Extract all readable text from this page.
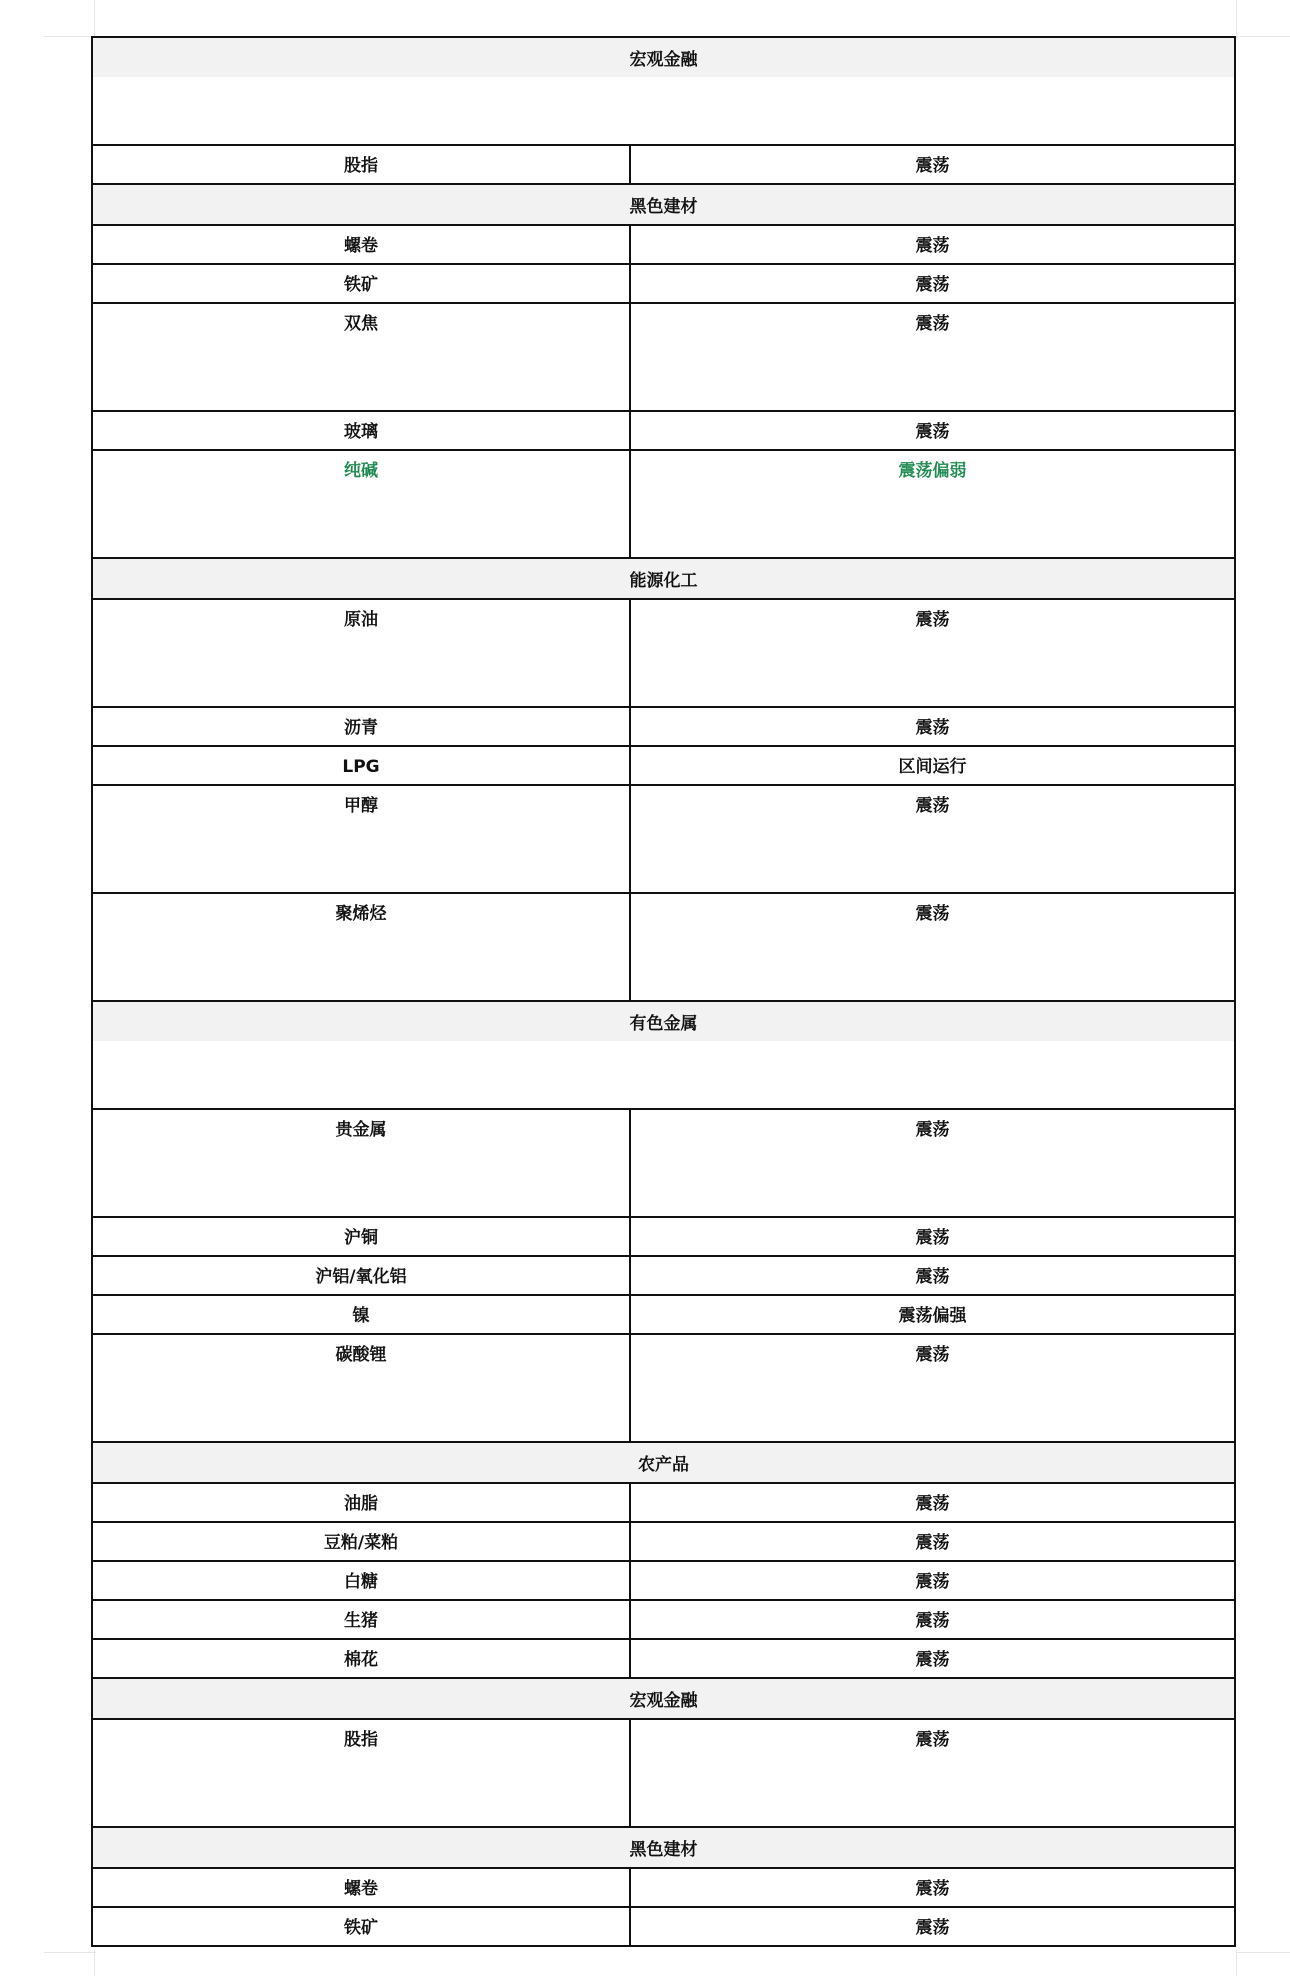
宏观金融
股指	震荡
黑色建材
螺卷	震荡
铁矿	震荡
双焦	震荡
玻璃	震荡
纯碱	震荡偏弱
能源化工
原油	震荡
沥青	震荡
LPG	区间运行
甲醇	震荡
聚烯烃	震荡
有色金属
贵金属	震荡
沪铜	震荡
沪铝/氧化铝	震荡
镍	震荡偏强
碳酸锂	震荡
农产品
油脂	震荡
豆粕/菜粕	震荡
白糖	震荡
生猪	震荡
棉花	震荡
宏观金融
股指	震荡
黑色建材
螺卷	震荡
铁矿	震荡
